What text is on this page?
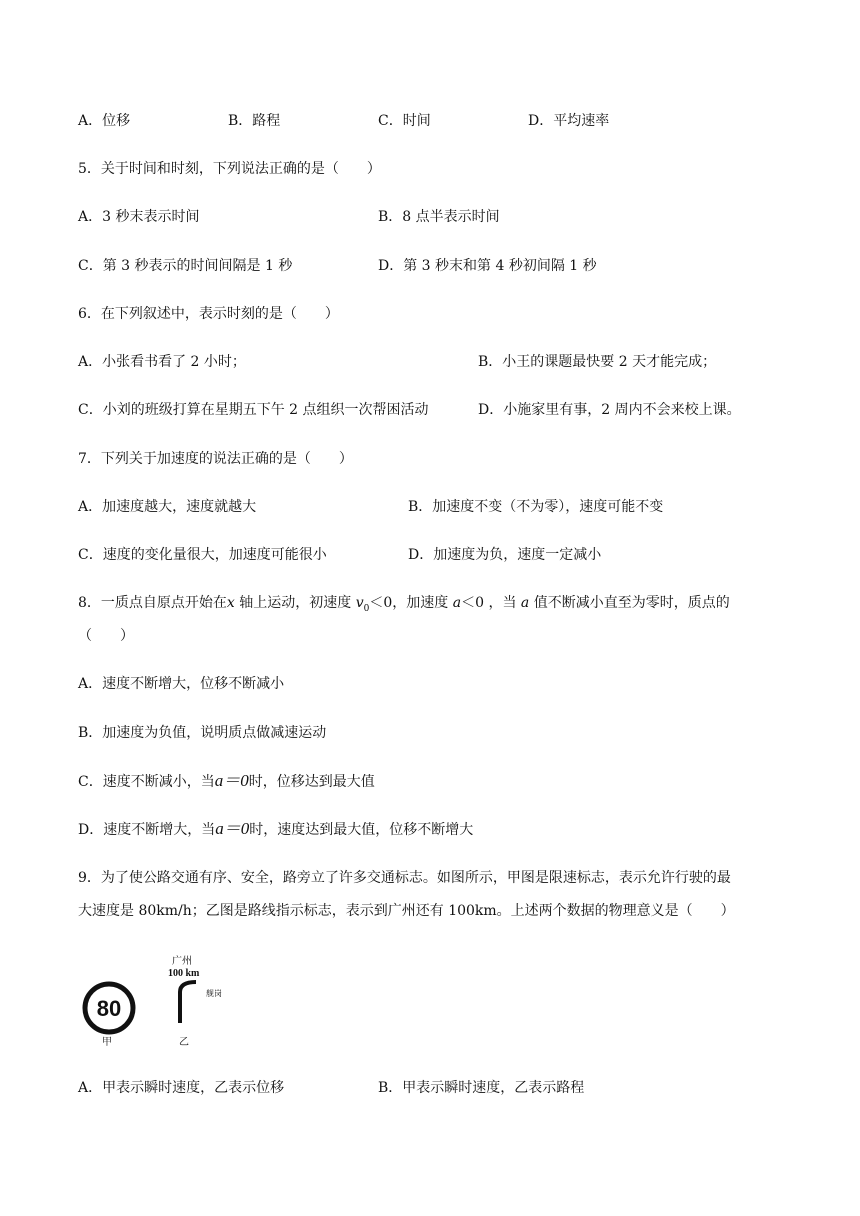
A．位移	B．路程	C．时间	D．平均速率
5．关于时间和时刻，下列说法正确的是（　　）
A．3 秒末表示时间	B．8 点半表示时间
C．第 3 秒表示的时间间隔是 1 秒	D．第 3 秒末和第 4 秒初间隔 1 秒
6．在下列叙述中，表示时刻的是（　　）
A．小张看书看了 2 小时；	B．小王的课题最快要 2 天才能完成；
C．小刘的班级打算在星期五下午 2 点组织一次帮困活动	D．小施家里有事，2 周内不会来校上课。
7．下列关于加速度的说法正确的是（　　）
A．加速度越大，速度就越大	B．加速度不变（不为零），速度可能不变
C．速度的变化量很大，加速度可能很小	D．加速度为负，速度一定减小
8．一质点自原点开始在x 轴上运动，初速度 $v_0<0$，加速度 a＜0 ，当 a 值不断减小直至为零时，质点的
（　　）
A．速度不断增大，位移不断减小
B．加速度为负值，说明质点做减速运动
C．速度不断减小，当a＝0时，位移达到最大值
D．速度不断增大，当a＝0时，速度达到最大值，位移不断增大
9．为了使公路交通有序、安全，路旁立了许多交通标志。如图所示，甲图是限速标志，表示允许行驶的最
大速度是 80km/h；乙图是路线指示标志，表示到广州还有 100km。上述两个数据的物理意义是（　　）
80
甲
广州
100 km
舰岗
乙
A．甲表示瞬时速度，乙表示位移	B．甲表示瞬时速度，乙表示路程
